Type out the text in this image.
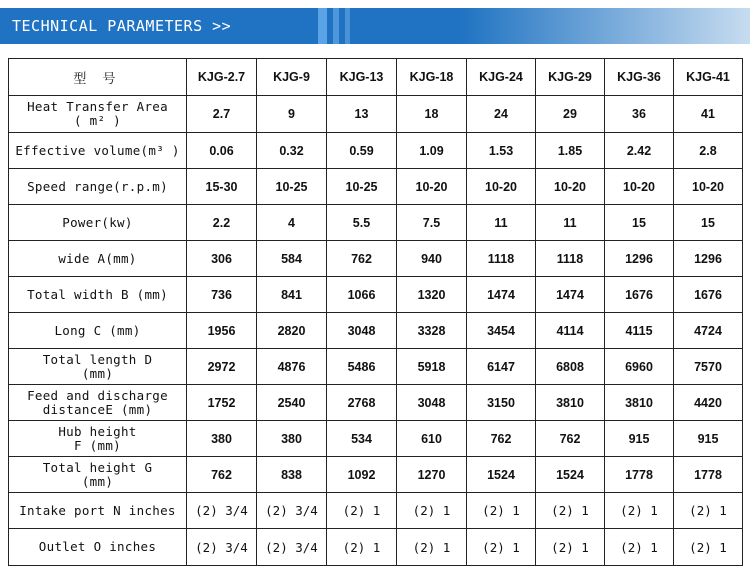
TECHNICAL PARAMETERS >>
型 号	KJG-2.7	KJG-9	KJG-13	KJG-18	KJG-24	KJG-29	KJG-36	KJG-41
Heat Transfer Area
( m² )	2.7	9	13	18	24	29	36	41
Effective volume(m³ )	0.06	0.32	0.59	1.09	1.53	1.85	2.42	2.8
Speed range(r.p.m)	15-30	10-25	10-25	10-20	10-20	10-20	10-20	10-20
Power(kw)	2.2	4	5.5	7.5	11	11	15	15
wide A(mm)	306	584	762	940	1118	1118	1296	1296
Total width B (mm)	736	841	1066	1320	1474	1474	1676	1676
Long C (mm)	1956	2820	3048	3328	3454	4114	4115	4724
Total length D
(mm)	2972	4876	5486	5918	6147	6808	6960	7570
Feed and discharge
distanceE (mm)	1752	2540	2768	3048	3150	3810	3810	4420
Hub height
F (mm)	380	380	534	610	762	762	915	915
Total height G
(mm)	762	838	1092	1270	1524	1524	1778	1778
Intake port N inches	(2) 3/4	(2) 3/4	(2) 1	(2) 1	(2) 1	(2) 1	(2) 1	(2) 1
Outlet O inches	(2) 3/4	(2) 3/4	(2) 1	(2) 1	(2) 1	(2) 1	(2) 1	(2) 1
